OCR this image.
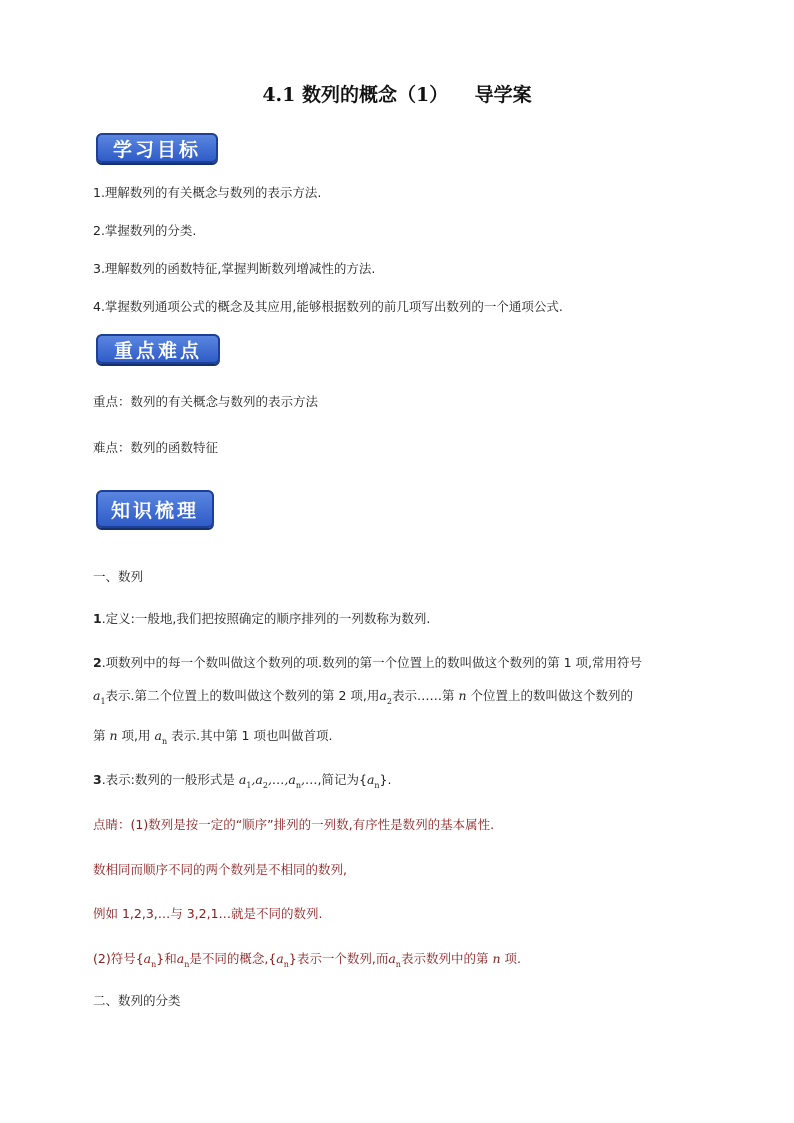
4.1 数列的概念（1）    导学案
学习目标
1.理解数列的有关概念与数列的表示方法.
2.掌握数列的分类.
3.理解数列的函数特征,掌握判断数列增减性的方法.
4.掌握数列通项公式的概念及其应用,能够根据数列的前几项写出数列的一个通项公式.
重点难点
重点：数列的有关概念与数列的表示方法
难点：数列的函数特征
知识梳理
一、数列
1.定义:一般地,我们把按照确定的顺序排列的一列数称为数列.
2.项数列中的每一个数叫做这个数列的项.数列的第一个位置上的数叫做这个数列的第 1 项,常用符号
$a_1$表示.第二个位置上的数叫做这个数列的第 2 项,用$a_2$表示……第 n 个位置上的数叫做这个数列的
第 n 项,用 $a_n$ 表示.其中第 1 项也叫做首项.
3.表示:数列的一般形式是 $a_1,a_2,\dots,a_n,\dots$,简记为$\{a_n\}$.
点睛：(1)数列是按一定的“顺序”排列的一列数,有序性是数列的基本属性.
数相同而顺序不同的两个数列是不相同的数列,
例如 1,2,3,…与 3,2,1…就是不同的数列.
(2)符号$\{a_n\}$和$a_n$是不同的概念$,\{a_n\}$表示一个数列,而$a_n$表示数列中的第 n 项.
二、数列的分类
